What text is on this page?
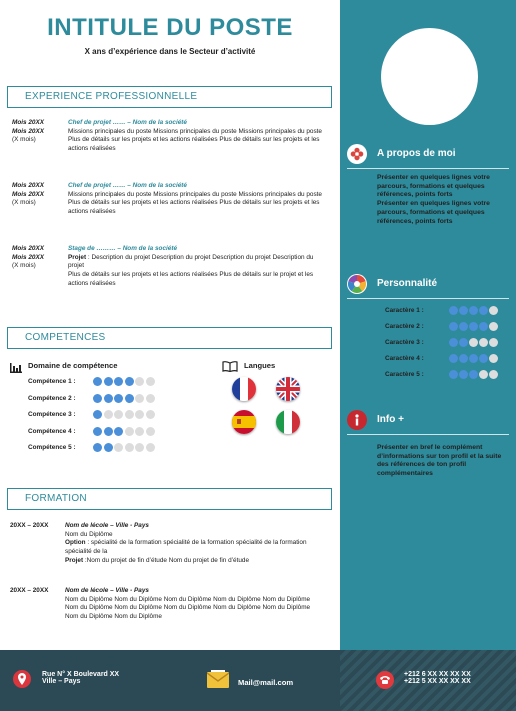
INTITULE DU POSTE
X ans d’expérience dans le Secteur d’activité
EXPERIENCE PROFESSIONNELLE
Mois 20XX
Mois 20XX
(X mois)
Chef de projet …… – Nom de la société
Missions principales du poste Missions principales du poste Missions principales du poste
Plus de détails sur les projets et les actions réalisées Plus de détails sur les projets et les actions réalisées
Mois 20XX
Mois 20XX
(X mois)
Chef de projet …… – Nom de la société
Missions principales du poste Missions principales du poste Missions principales du poste
Plus de détails sur les projets et les actions réalisées Plus de détails sur les projets et les actions réalisées
Mois 20XX
Mois 20XX
(X mois)
Stage de ……… – Nom de la société
Projet : Description du projet Description du projet Description du projet Description du projet
Plus de détails sur les projets et les actions réalisées Plus de détails sur le projet et les actions réalisées
COMPETENCES
Domaine de compétence
Compétence 1 :
Compétence 2 :
Compétence 3 :
Compétence 4 :
Compétence 5 :
Langues
FORMATION
20XX – 20XX	Nom de lécole – Ville - Pays
Nom du Diplôme
Option : spécialité de la formation spécialité de la formation spécialité de la formation spécialité de la
Projet :Nom du projet de fin d’étude Nom du projet de fin d’étude
20XX – 20XX	Nom de lécole – Ville - Pays
Nom du Diplôme Nom du Diplôme Nom du Diplôme Nom du Diplôme Nom du Diplôme Nom du Diplôme Nom du Diplôme Nom du Diplôme Nom du Diplôme Nom du Diplôme Nom du Diplôme Nom du Diplôme
A propos de moi
Présenter en quelques lignes votre parcours, formations et quelques références, points forts
Présenter en quelques lignes votre parcours, formations et quelques références, points forts
Personnalité
Caractère 1 :
Caractère 2 :
Caractère 3 :
Caractère 4 :
Caractère 5 :
Info +
Présenter en bref le complément d’informations sur ton profil et la suite des références de ton profil complémentaires
Rue N° X Boulevard XX
Ville – Pays	Mail@mail.com
+212 6 XX XX XX XX
+212 5 XX XX XX XX
